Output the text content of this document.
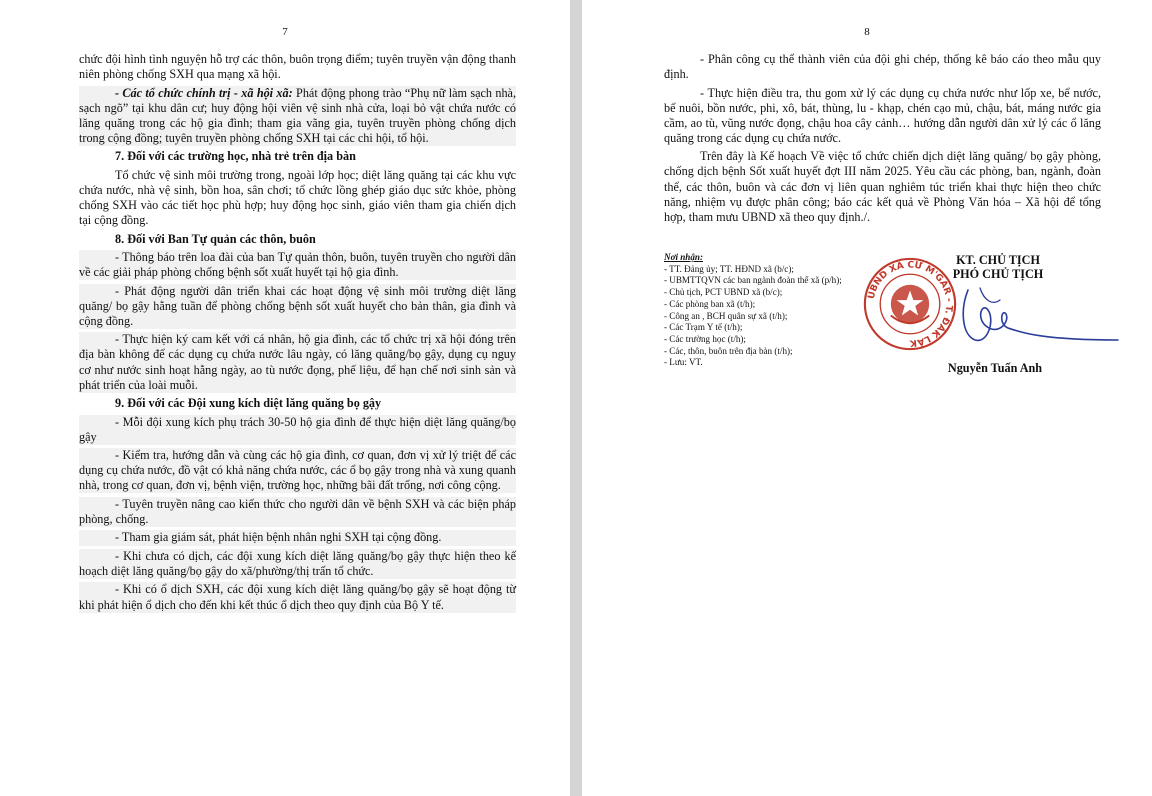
7

chức đội hình tình nguyện hỗ trợ các thôn, buôn trọng điểm; tuyên truyền vận động thanh niên phòng chống SXH qua mạng xã hội.

- Các tổ chức chính trị - xã hội xã: Phát động phong trào “Phụ nữ làm sạch nhà, sạch ngõ” tại khu dân cư; huy động hội viên vệ sinh nhà cửa, loại bỏ vật chứa nước có lăng quăng trong các hộ gia đình; tham gia vãng gia, tuyên truyền phòng chống dịch trong cộng đồng; tuyên truyền phòng chống SXH tại các chi hội, tổ hội.

7. Đối với các trường học, nhà trẻ trên địa bàn

Tổ chức vệ sinh môi trường trong, ngoài lớp học; diệt lăng quăng tại các khu vực chứa nước, nhà vệ sinh, bồn hoa, sân chơi; tổ chức lồng ghép giáo dục sức khỏe, phòng chống SXH vào các tiết học phù hợp; huy động học sinh, giáo viên tham gia chiến dịch tại cộng đồng.

8. Đối với Ban Tự quản các thôn, buôn

- Thông báo trên loa đài của ban Tự quản thôn, buôn, tuyên truyền cho người dân về các giải pháp phòng chống bệnh sốt xuất huyết tại hộ gia đình.

- Phát động người dân triển khai các hoạt động vệ sinh môi trường diệt lăng quăng/ bọ gậy hằng tuần để phòng chống bệnh sốt xuất huyết cho bản thân, gia đình và cộng đồng.

- Thực hiện ký cam kết với cá nhân, hộ gia đình, các tổ chức trị xã hội đóng trên địa bàn không để các dụng cụ chứa nước lâu ngày, có lăng quăng/bọ gậy, dụng cụ nguy cơ như nước sinh hoạt hằng ngày, ao tù nước đọng, phế liệu, để hạn chế nơi sinh sản và phát triển của loài muỗi.

9. Đối với các Đội xung kích diệt lăng quăng bọ gậy

- Mỗi đội xung kích phụ trách 30-50 hộ gia đình để thực hiện diệt lăng quăng/bọ gậy

- Kiểm tra, hướng dẫn và cùng các hộ gia đình, cơ quan, đơn vị xử lý triệt để các dụng cụ chứa nước, đồ vật có khả năng chứa nước, các ổ bọ gậy trong nhà và xung quanh nhà, trong cơ quan, đơn vị, bệnh viện, trường học, những bãi đất trống, nơi công cộng.

- Tuyên truyền nâng cao kiến thức cho người dân về bệnh SXH và các biện pháp phòng, chống.

- Tham gia giám sát, phát hiện bệnh nhân nghi SXH tại cộng đồng.

- Khi chưa có dịch, các đội xung kích diệt lăng quăng/bọ gậy thực hiện theo kế hoạch diệt lăng quăng/bọ gậy do xã/phường/thị trấn tổ chức.

- Khi có ổ dịch SXH, các đội xung kích diệt lăng quăng/bọ gậy sẽ hoạt động từ khi phát hiện ổ dịch cho đến khi kết thúc ổ dịch theo quy định của Bộ Y tế.

8

- Phân công cụ thể thành viên của đội ghi chép, thống kê báo cáo theo mẫu quy định.

- Thực hiện điều tra, thu gom xử lý các dụng cụ chứa nước như lốp xe, bể nước, bể nuôi, bồn nước, phi, xô, bát, thùng, lu - khạp, chén cạo mủ, chậu, bát, máng nước gia cầm, ao tù, vũng nước đọng, chậu hoa cây cảnh… hướng dẫn người dân xử lý các ổ lăng quăng trong các dụng cụ chứa nước.

Trên đây là Kế hoạch Về việc tổ chức chiến dịch diệt lăng quăng/ bọ gậy phòng, chống dịch bệnh Sốt xuất huyết đợt III năm 2025. Yêu cầu các phòng, ban, ngành, đoàn thể, các thôn, buôn và các đơn vị liên quan nghiêm túc triển khai thực hiện theo chức năng, nhiệm vụ được phân công; báo các kết quả về Phòng Văn hóa – Xã hội để tổng hợp, tham mưu UBND xã theo quy định./.

Nơi nhận:
- TT. Đảng ủy; TT. HĐND xã (b/c);
- UBMTTQVN các ban ngành đoàn thể xã (p/h);
- Chủ tịch, PCT UBND xã (b/c);
- Các phòng ban xã (t/h);
- Công an , BCH quân sự xã (t/h);
- Các Trạm Y tế (t/h);
- Các trường học (t/h);
- Các, thôn, buôn trên địa bàn (t/h);
- Lưu: VT.
UBND XÃ CƯ M'GAR - T. ĐẮK LẮK
KT. CHỦ TỊCH
PHÓ CHỦ TỊCH
Nguyễn Tuấn Anh
